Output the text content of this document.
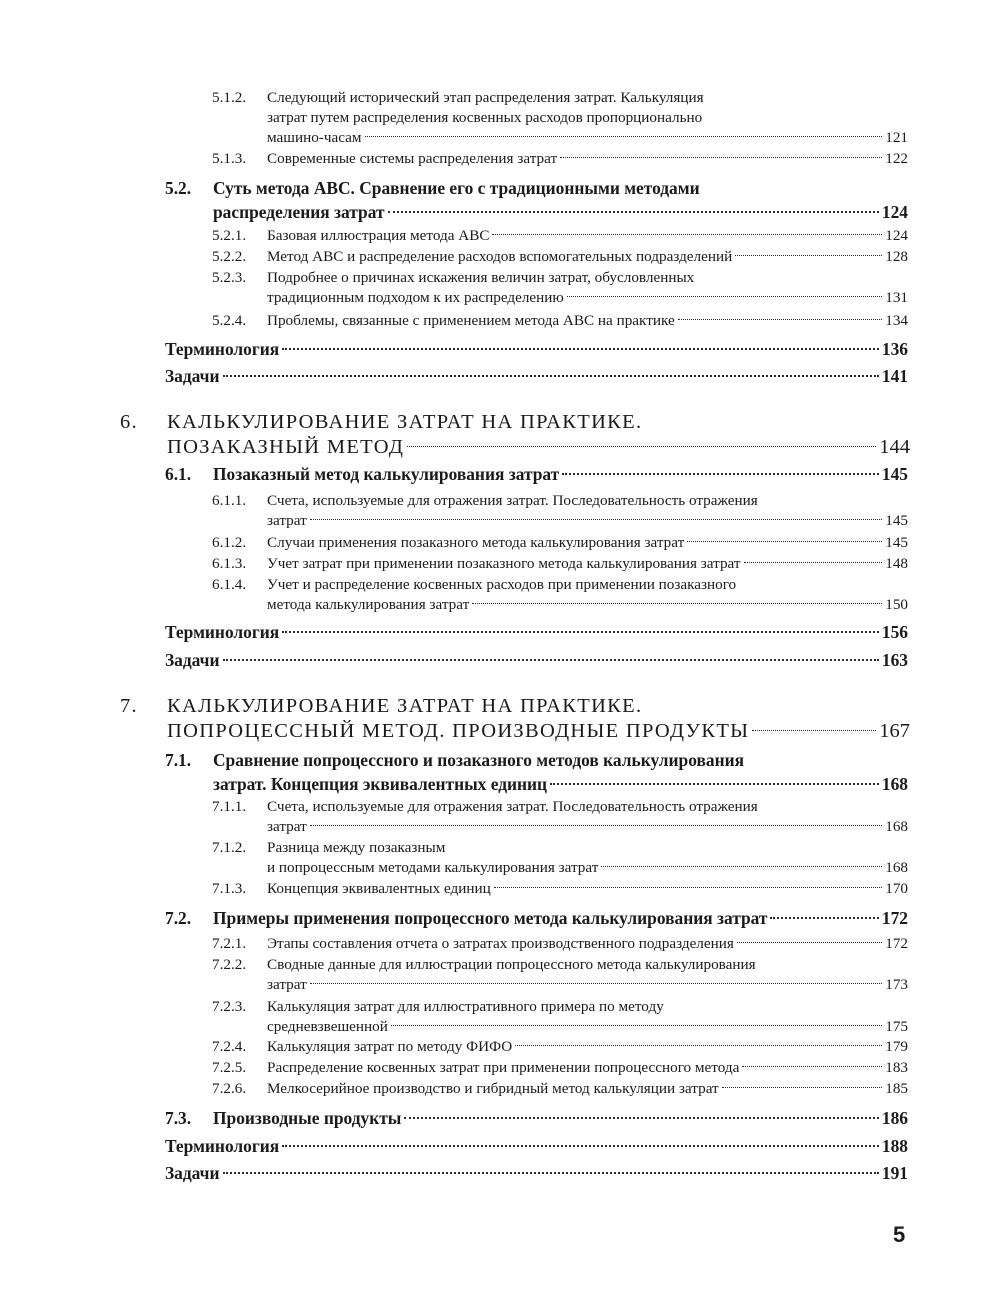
5.1.2. Следующий исторический этап распределения затрат. Калькуляция
затрат путем распределения косвенных расходов пропорционально
машино-часам	121
5.1.3. Современные системы распределения затрат	122
5.2. Суть метода ABC. Сравнение его с традиционными методами
распределения затрат	124
5.2.1. Базовая иллюстрация метода ABC	124
5.2.2. Метод ABC и распределение расходов вспомогательных подразделений	128
5.2.3. Подробнее о причинах искажения величин затрат, обусловленных
традиционным подходом к их распределению	131
5.2.4. Проблемы, связанные с применением метода ABC на практике	134
Терминология	136
Задачи	141
6. КАЛЬКУЛИРОВАНИЕ ЗАТРАТ НА ПРАКТИКЕ.
ПОЗАКАЗНЫЙ МЕТОД	144
6.1. Позаказный метод калькулирования затрат	145
6.1.1. Счета, используемые для отражения затрат. Последовательность отражения
затрат	145
6.1.2. Случаи применения позаказного метода калькулирования затрат	145
6.1.3. Учет затрат при применении позаказного метода калькулирования затрат	148
6.1.4. Учет и распределение косвенных расходов при применении позаказного
метода калькулирования затрат	150
Терминология	156
Задачи	163
7. КАЛЬКУЛИРОВАНИЕ ЗАТРАТ НА ПРАКТИКЕ.
ПОПРОЦЕССНЫЙ МЕТОД. ПРОИЗВОДНЫЕ ПРОДУКТЫ	167
7.1. Сравнение попроцессного и позаказного методов калькулирования
затрат. Концепция эквивалентных единиц	168
7.1.1. Счета, используемые для отражения затрат. Последовательность отражения
затрат	168
7.1.2. Разница между позаказным
и попроцессным методами калькулирования затрат	168
7.1.3. Концепция эквивалентных единиц	170
7.2. Примеры применения попроцессного метода калькулирования затрат	172
7.2.1. Этапы составления отчета о затратах производственного подразделения	172
7.2.2. Сводные данные для иллюстрации попроцессного метода калькулирования
затрат	173
7.2.3. Калькуляция затрат для иллюстративного примера по методу
средневзвешенной	175
7.2.4. Калькуляция затрат по методу ФИФО	179
7.2.5. Распределение косвенных затрат при применении попроцессного метода	183
7.2.6. Мелкосерийное производство и гибридный метод калькуляции затрат	185
7.3. Производные продукты	186
Терминология	188
Задачи	191
5
